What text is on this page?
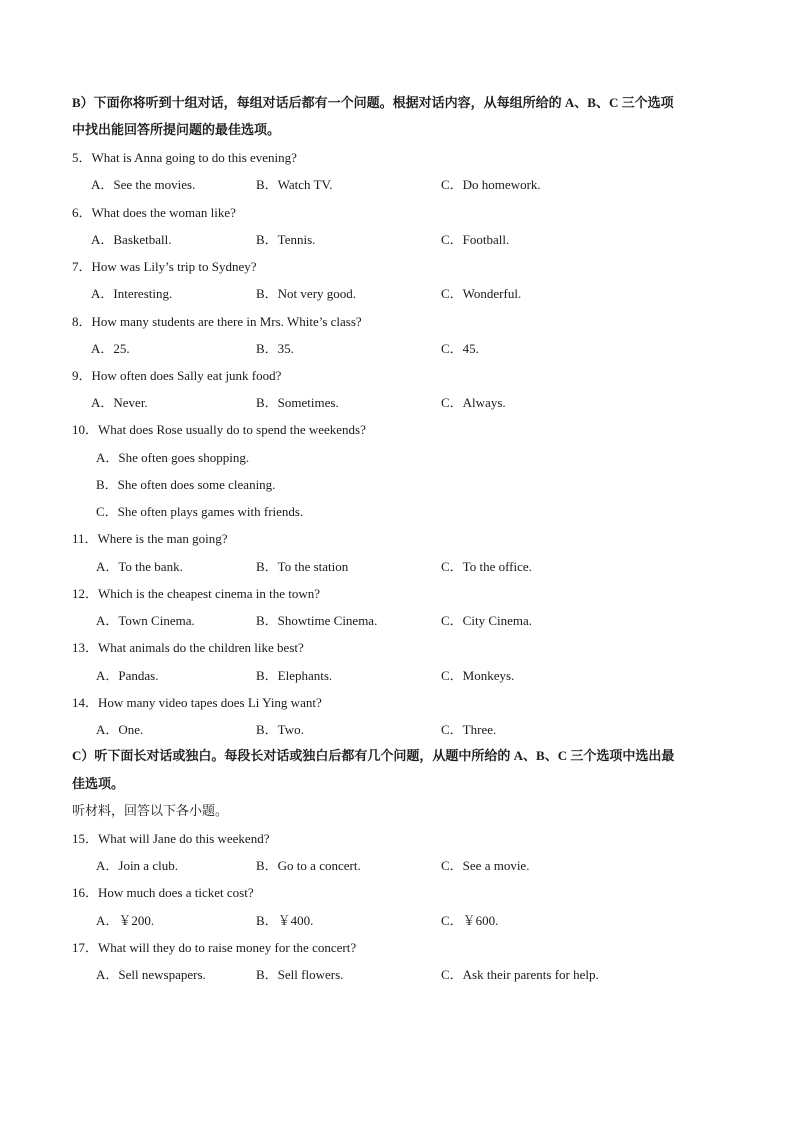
B）下面你将听到十组对话，每组对话后都有一个问题。根据对话内容，从每组所给的 A、B、C 三个选项
中找出能回答所提问题的最佳选项。
5．What is Anna going to do this evening?
A．See the movies.	B．Watch TV.	C．Do homework.
6．What does the woman like?
A．Basketball.	B．Tennis.	C．Football.
7．How was Lily’s trip to Sydney?
A．Interesting.	B．Not very good.	C．Wonderful.
8．How many students are there in Mrs. White’s class?
A．25.	B．35.	C．45.
9．How often does Sally eat junk food?
A．Never.	B．Sometimes.	C．Always.
10．What does Rose usually do to spend the weekends?
A．She often goes shopping.
B．She often does some cleaning.
C．She often plays games with friends.
11．Where is the man going?
A．To the bank.	B．To the station	C．To the office.
12．Which is the cheapest cinema in the town?
A．Town Cinema.	B．Showtime Cinema.	C．City Cinema.
13．What animals do the children like best?
A．Pandas.	B．Elephants.	C．Monkeys.
14．How many video tapes does Li Ying want?
A．One.	B．Two.	C．Three.
C）听下面长对话或独白。每段长对话或独白后都有几个问题，从题中所给的 A、B、C 三个选项中选出最
佳选项。
听材料，回答以下各小题。
15．What will Jane do this weekend?
A．Join a club.	B．Go to a concert.	C．See a movie.
16．How much does a ticket cost?
A．￥200.	B．￥400.	C．￥600.
17．What will they do to raise money for the concert?
A．Sell newspapers.	B．Sell flowers.	C．Ask their parents for help.
